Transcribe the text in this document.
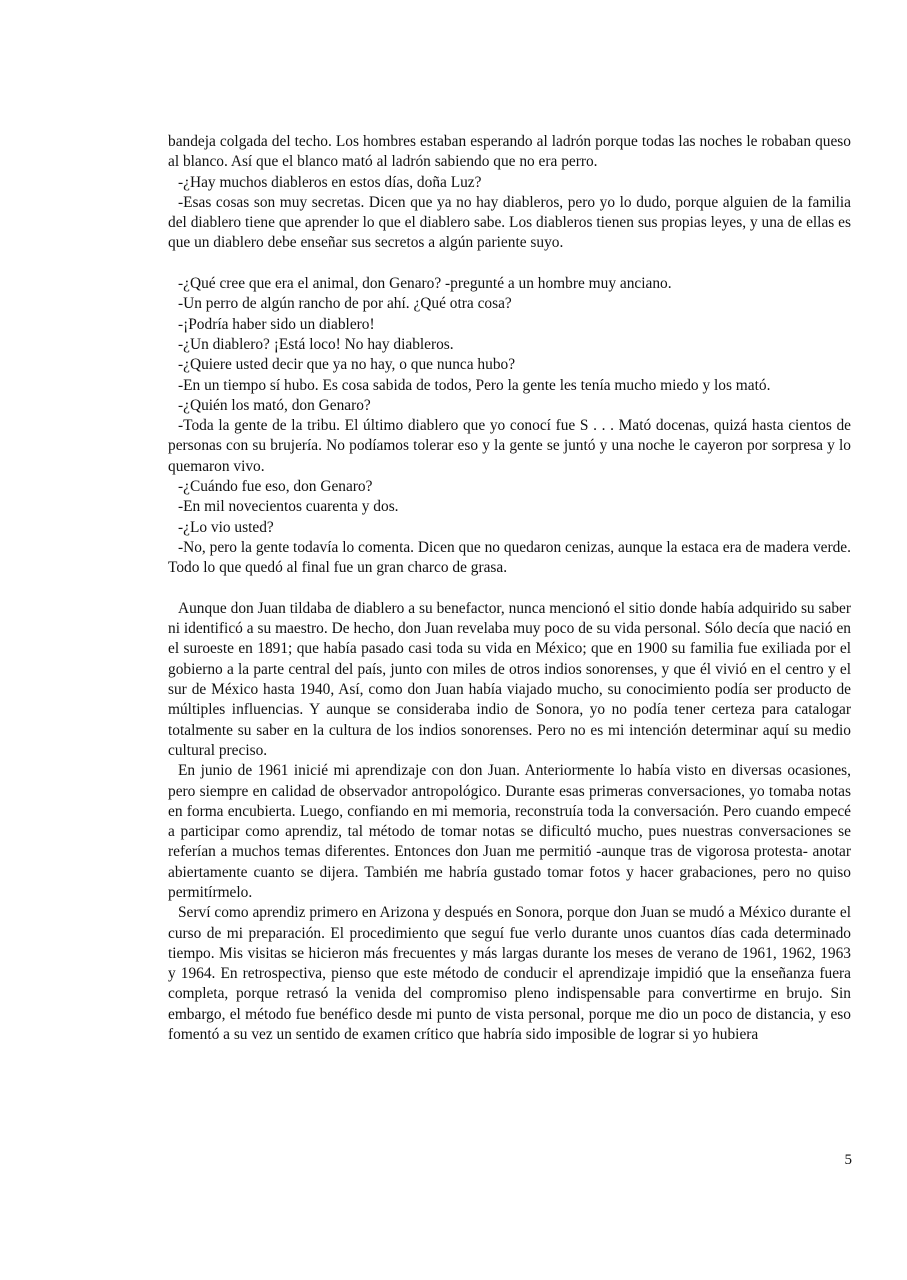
bandeja colgada del techo. Los hombres estaban esperando al ladrón porque todas las noches le robaban queso al blanco. Así que el blanco mató al ladrón sabiendo que no era perro.

-¿Hay muchos diableros en estos días, doña Luz?

-Esas cosas son muy secretas. Dicen que ya no hay diableros, pero yo lo dudo, porque alguien de la familia del diablero tiene que aprender lo que el diablero sabe. Los diableros tienen sus propias leyes, y una de ellas es que un diablero debe enseñar sus secretos a algún pariente suyo.

-¿Qué cree que era el animal, don Genaro? -pregunté a un hombre muy anciano.

-Un perro de algún rancho de por ahí. ¿Qué otra cosa?

-¡Podría haber sido un diablero!

-¿Un diablero? ¡Está loco! No hay diableros.

-¿Quiere usted decir que ya no hay, o que nunca hubo?

-En un tiempo sí hubo. Es cosa sabida de todos, Pero la gente les tenía mucho miedo y los mató.

-¿Quién los mató, don Genaro?

-Toda la gente de la tribu. El último diablero que yo conocí fue S . . . Mató docenas, quizá hasta cientos de personas con su brujería. No podíamos tolerar eso y la gente se juntó y una noche le cayeron por sorpresa y lo quemaron vivo.

-¿Cuándo fue eso, don Genaro?

-En mil novecientos cuarenta y dos.

-¿Lo vio usted?

-No, pero la gente todavía lo comenta. Dicen que no quedaron cenizas, aunque la estaca era de madera verde. Todo lo que quedó al final fue un gran charco de grasa.

Aunque don Juan tildaba de diablero a su benefactor, nunca mencionó el sitio donde había adquirido su saber ni identificó a su maestro. De hecho, don Juan revelaba muy poco de su vida personal. Sólo decía que nació en el suroeste en 1891; que había pasado casi toda su vida en México; que en 1900 su familia fue exiliada por el gobierno a la parte central del país, junto con miles de otros indios sonorenses, y que él vivió en el centro y el sur de México hasta 1940, Así, como don Juan había viajado mucho, su conocimiento podía ser producto de múltiples influencias. Y aunque se consideraba indio de Sonora, yo no podía tener certeza para catalogar totalmente su saber en la cultura de los indios sonorenses. Pero no es mi intención determinar aquí su medio cultural preciso.

En junio de 1961 inicié mi aprendizaje con don Juan. Anteriormente lo había visto en diversas ocasiones, pero siempre en calidad de observador antropológico. Durante esas primeras conversaciones, yo tomaba notas en forma encubierta. Luego, confiando en mi memoria, reconstruía toda la conversación. Pero cuando empecé a participar como aprendiz, tal método de tomar notas se dificultó mucho, pues nuestras conversaciones se referían a muchos temas diferentes. Entonces don Juan me permitió -aunque tras de vigorosa protesta- anotar abiertamente cuanto se dijera. También me habría gustado tomar fotos y hacer grabaciones, pero no quiso permitírmelo.

Serví como aprendiz primero en Arizona y después en Sonora, porque don Juan se mudó a México durante el curso de mi preparación. El procedimiento que seguí fue verlo durante unos cuantos días cada determinado tiempo. Mis visitas se hicieron más frecuentes y más largas durante los meses de verano de 1961, 1962, 1963 y 1964. En retrospectiva, pienso que este método de conducir el aprendizaje impidió que la enseñanza fuera completa, porque retrasó la venida del compromiso pleno indispensable para convertirme en brujo. Sin embargo, el método fue benéfico desde mi punto de vista personal, porque me dio un poco de distancia, y eso fomentó a su vez un sentido de examen crítico que habría sido imposible de lograr si yo hubiera

5
